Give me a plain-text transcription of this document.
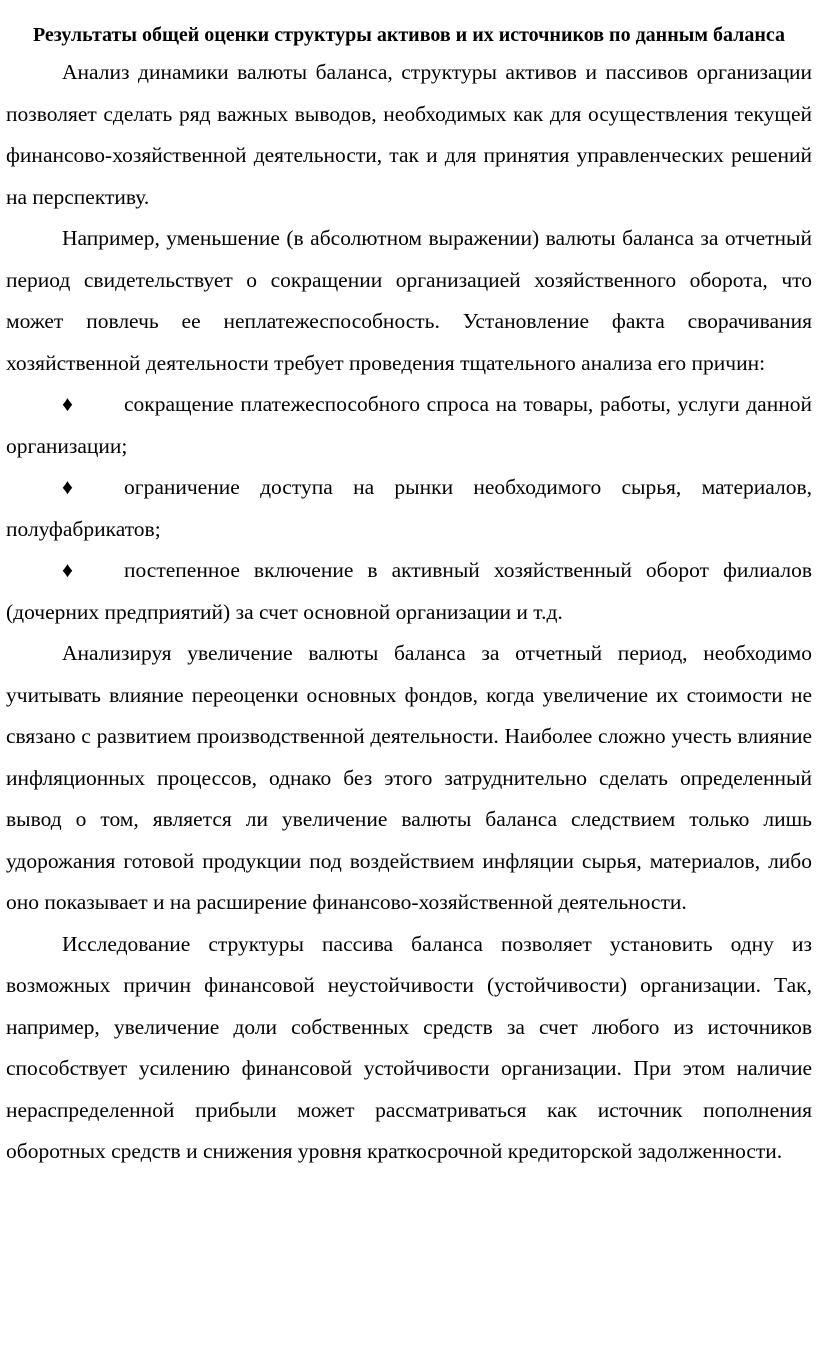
Результаты общей оценки структуры активов и их источников по данным баланса

Анализ динамики валюты баланса, структуры активов и пассивов организации позволяет сделать ряд важных выводов, необходимых как для осуществления текущей финансово-хозяйственной деятельности, так и для принятия управленческих решений на перспективу.

Например, уменьшение (в абсолютном выражении) валюты баланса за отчетный период свидетельствует о сокращении организацией хозяйственного оборота, что может повлечь ее неплатежеспособность. Установление факта сворачивания хозяйственной деятельности требует проведения тщательного анализа его причин:

♦ сокращение платежеспособного спроса на товары, работы, услуги данной организации;

♦ ограничение доступа на рынки необходимого сырья, материалов, полуфабрикатов;

♦ постепенное включение в активный хозяйственный оборот филиалов (дочерних предприятий) за счет основной организации и т.д.

Анализируя увеличение валюты баланса за отчетный период, необходимо учитывать влияние переоценки основных фондов, когда увеличение их стоимости не связано с развитием производственной деятельности. Наиболее сложно учесть влияние инфляционных процессов, однако без этого затруднительно сделать определенный вывод о том, является ли увеличение валюты баланса следствием только лишь удорожания готовой продукции под воздействием инфляции сырья, материалов, либо оно показывает и на расширение финансово-хозяйственной деятельности.

Исследование структуры пассива баланса позволяет установить одну из возможных причин финансовой неустойчивости (устойчивости) организации. Так, например, увеличение доли собственных средств за счет любого из источников способствует усилению финансовой устойчивости организации. При этом наличие нераспределенной прибыли может рассматриваться как источник пополнения оборотных средств и снижения уровня краткосрочной кредиторской задолженности.
